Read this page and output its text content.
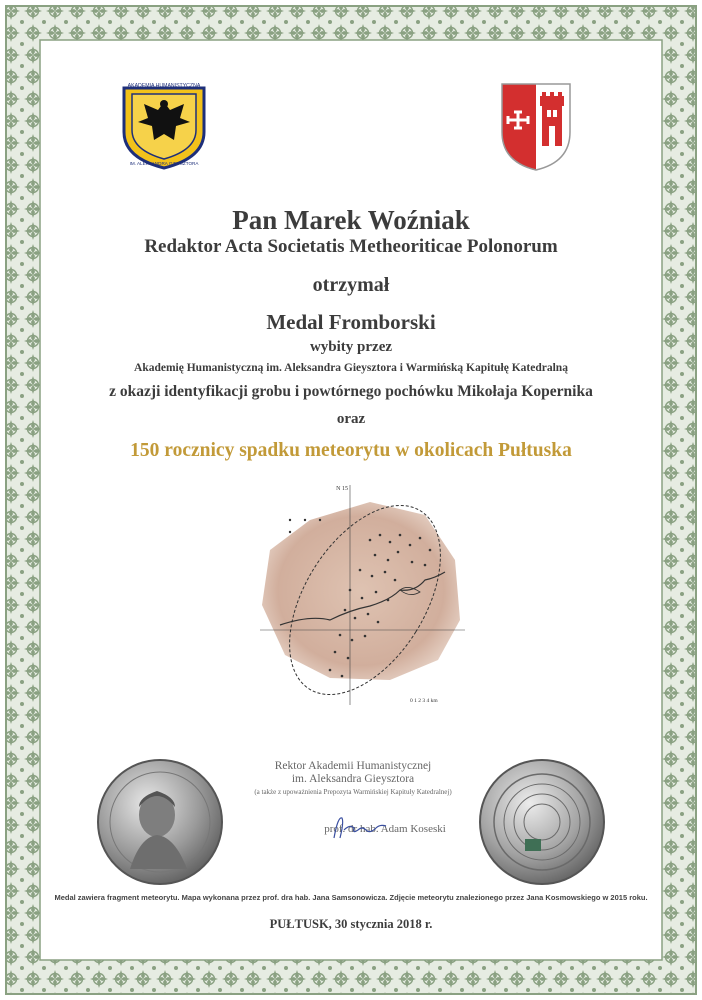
AKADEMIA HUMANISTYCZNA
IM. ALEKSANDRA GIEYSZTORA
Pan Marek Woźniak
Redaktor Acta Societatis Metheoriticae Polonorum
otrzymał
Medal Fromborski
wybity przez
Akademię Humanistyczną im. Aleksandra Gieysztora i Warmińską Kapitułę Katedralną
z okazji identyfikacji grobu i powtórnego pochówku Mikołaja Kopernika
oraz
150 rocznicy spadku meteorytu w okolicach Pułtuska
N 15
0 1 2 3 4 km
Rektor Akademii Humanistycznej
im. Aleksandra Gieysztora
(a także z upoważnienia Prepozyta Warmińskiej Kapituły Katedralnej)
prof. dr hab. Adam Koseski
Medal zawiera fragment meteorytu. Mapa wykonana przez prof. dra hab. Jana Samsonowicza. Zdjęcie meteorytu znalezionego przez Jana Kosmowskiego w 2015 roku.
PUŁTUSK, 30 stycznia 2018 r.
